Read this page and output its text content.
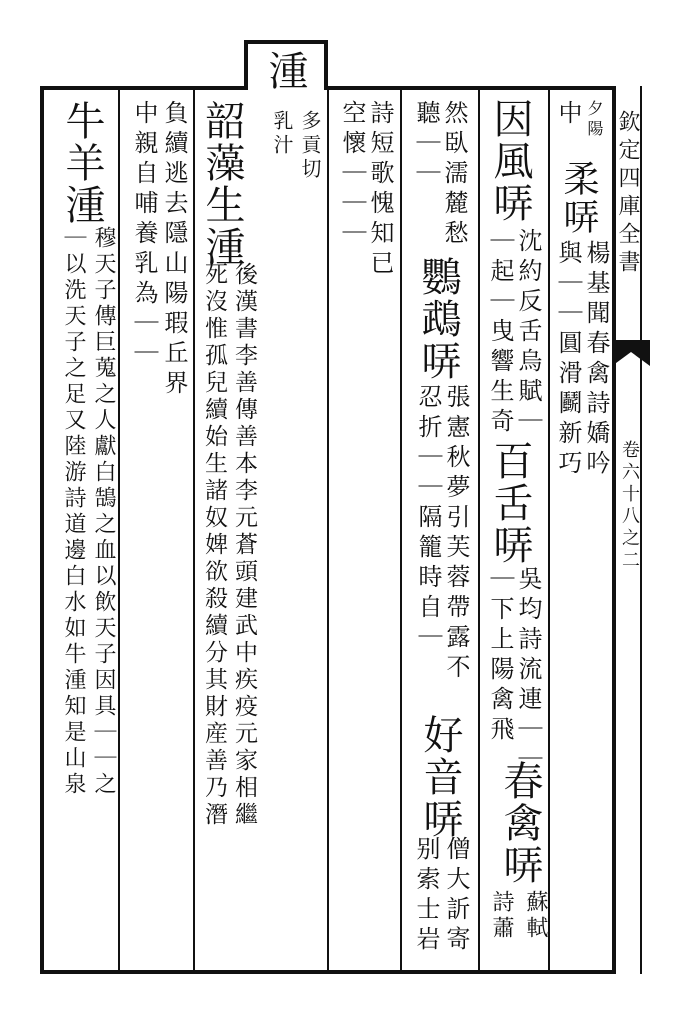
欽定四庫全書
卷六十八之二
湩
多貢切
乳汁	中 夕陽
柔哢
楊基聞春禽詩嬌吟
與｜｜圓滑鬬新巧
因風哢
沈約反舌烏賦｜
｜起｜曳響生奇
百舌哢
吳均詩流連｜｜
｜下上陽禽飛
春禽哢
蘇軾
詩蕭
然臥濡麓愁
聽｜｜
鸚鵡哢
張憲秋夢引芙蓉帶露不
忍折｜｜隔籠時自｜
好音哢
僧大訢寄
别索士岩
詩短歌愧知已
空懷｜｜｜
韶藻生湩
後漢書李善傳善本李元蒼頭建武中疾疫元家相繼
死沒惟孤兒續始生諸奴婢欲殺續分其財産善乃潛
負續逃去隱山陽瑕丘界
中親自哺養乳為｜｜
牛羊湩
穆天子傳巨蒐之人獻白鵠之血以飲天子因具｜｜之
｜以洗天子之足又陸游詩道邊白水如牛湩知是山泉
